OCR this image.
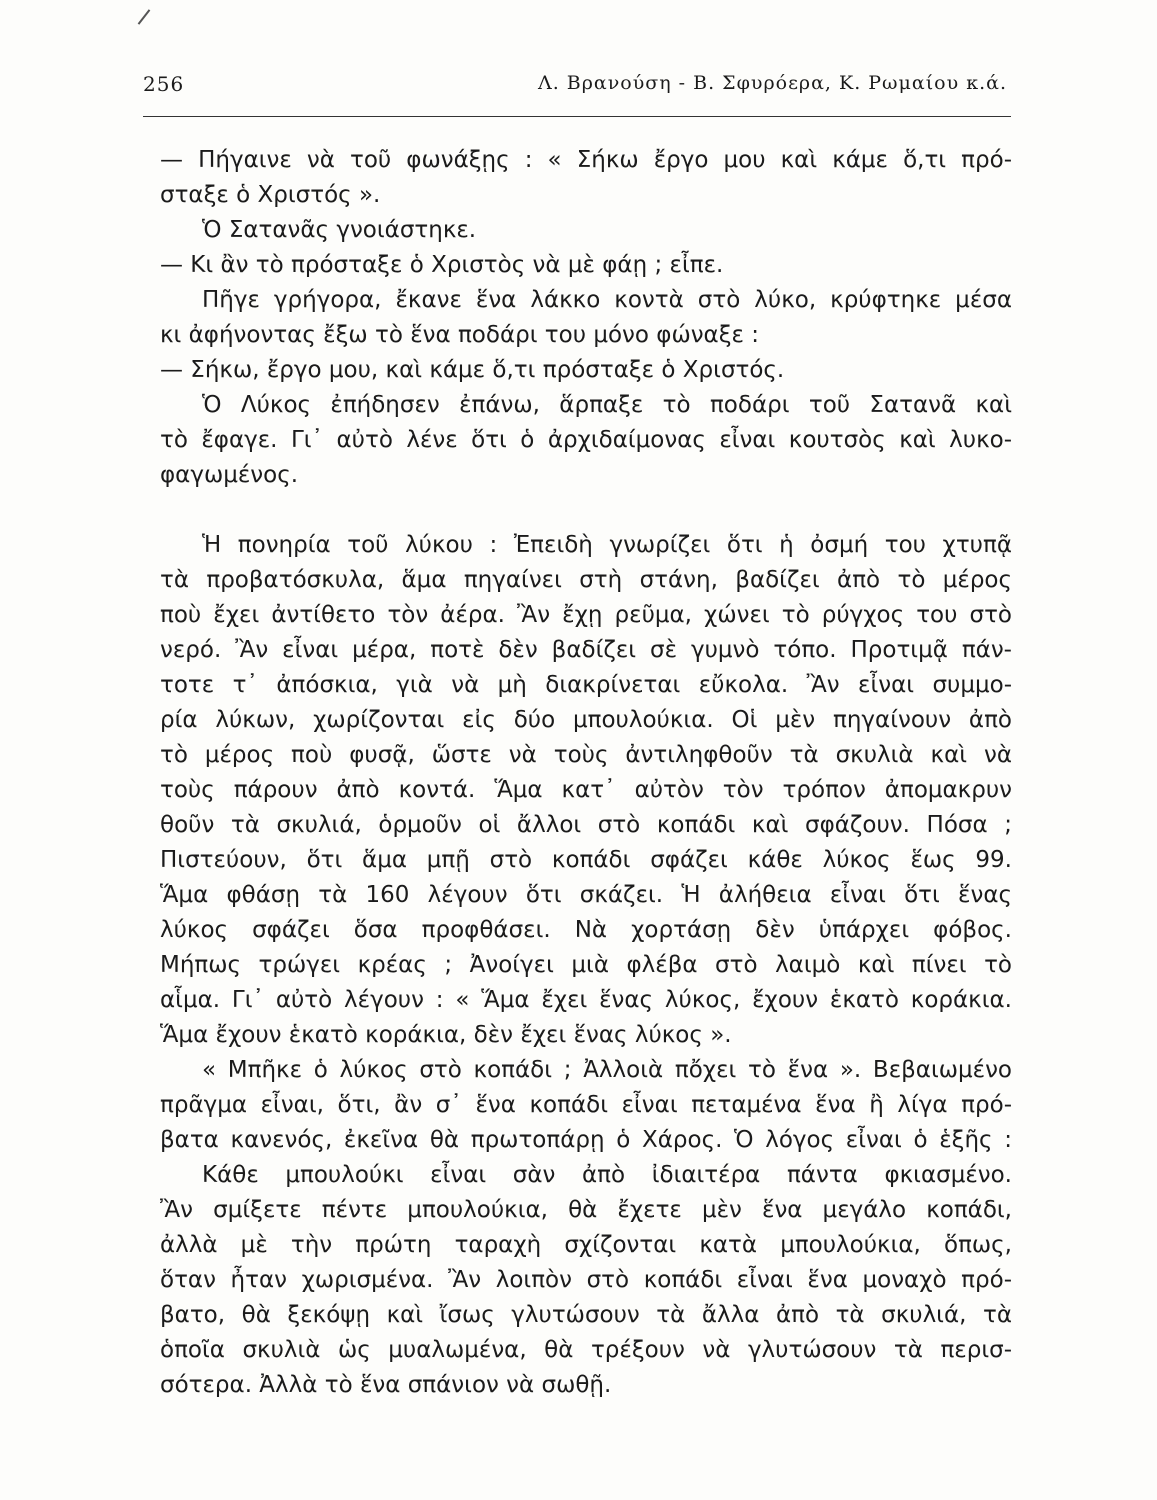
256	Λ. Βρανούση - Β. Σφυρόερα, Κ. Ρωμαίου κ.ά.
— Πήγαινε νὰ τοῦ φωνάξῃς : « Σήκω ἔργο μου καὶ κάμε ὅ,τι πρό-
σταξε ὁ Χριστός ».
Ὁ Σατανᾶς γνοιάστηκε.
— Κι ἂν τὸ πρόσταξε ὁ Χριστὸς νὰ μὲ φάῃ ; εἶπε.
Πῆγε γρήγορα, ἔκανε ἕνα λάκκο κοντὰ στὸ λύκο, κρύφτηκε μέσα
κι ἀφήνοντας ἔξω τὸ ἕνα ποδάρι του μόνο φώναξε :
— Σήκω, ἔργο μου, καὶ κάμε ὅ,τι πρόσταξε ὁ Χριστός.
Ὁ Λύκος ἐπήδησεν ἐπάνω, ἅρπαξε τὸ ποδάρι τοῦ Σατανᾶ καὶ
τὸ ἔφαγε. Γι᾿ αὐτὸ λένε ὅτι ὁ ἀρχιδαίμονας εἶναι κουτσὸς καὶ λυκο-
φαγωμένος.
Ἡ πονηρία τοῦ λύκου : Ἐπειδὴ γνωρίζει ὅτι ἡ ὀσμή του χτυπᾷ
τὰ προβατόσκυλα, ἅμα πηγαίνει στὴ στάνη, βαδίζει ἀπὸ τὸ μέρος
ποὺ ἔχει ἀντίθετο τὸν ἀέρα. Ἂν ἔχῃ ρεῦμα, χώνει τὸ ρύγχος του στὸ
νερό. Ἂν εἶναι μέρα, ποτὲ δὲν βαδίζει σὲ γυμνὸ τόπο. Προτιμᾷ πάν-
τοτε τ᾿ ἀπόσκια, γιὰ νὰ μὴ διακρίνεται εὔκολα. Ἂν εἶναι συμμο-
ρία λύκων, χωρίζονται εἰς δύο μπουλούκια. Οἱ μὲν πηγαίνουν ἀπὸ
τὸ μέρος ποὺ φυσᾷ, ὥστε νὰ τοὺς ἀντιληφθοῦν τὰ σκυλιὰ καὶ νὰ
τοὺς πάρουν ἀπὸ κοντά. Ἅμα κατ᾿ αὐτὸν τὸν τρόπον ἀπομακρυν
θοῦν τὰ σκυλιά, ὁρμοῦν οἱ ἄλλοι στὸ κοπάδι καὶ σφάζουν. Πόσα ;
Πιστεύουν, ὅτι ἅμα μπῇ στὸ κοπάδι σφάζει κάθε λύκος ἕως 99.
Ἅμα φθάσῃ τὰ 160 λέγουν ὅτι σκάζει. Ἡ ἀλήθεια εἶναι ὅτι ἕνας
λύκος σφάζει ὅσα προφθάσει. Νὰ χορτάσῃ δὲν ὑπάρχει φόβος.
Μήπως τρώγει κρέας ; Ἀνοίγει μιὰ φλέβα στὸ λαιμὸ καὶ πίνει τὸ
αἷμα. Γι᾿ αὐτὸ λέγουν : « Ἅμα ἔχει ἕνας λύκος, ἔχουν ἑκατὸ κοράκια.
Ἅμα ἔχουν ἑκατὸ κοράκια, δὲν ἔχει ἕνας λύκος ».
« Μπῆκε ὁ λύκος στὸ κοπάδι ; Ἀλλοιὰ πὄχει τὸ ἕνα ». Βεβαιωμένο
πρᾶγμα εἶναι, ὅτι, ἂν σ᾿ ἕνα κοπάδι εἶναι πεταμένα ἕνα ἢ λίγα πρό-
βατα κανενός, ἐκεῖνα θὰ πρωτοπάρῃ ὁ Χάρος. Ὁ λόγος εἶναι ὁ ἑξῆς :
Κάθε μπουλούκι εἶναι σὰν ἀπὸ ἰδιαιτέρα πάντα φκιασμένο.
Ἂν σμίξετε πέντε μπουλούκια, θὰ ἔχετε μὲν ἕνα μεγάλο κοπάδι,
ἀλλὰ μὲ τὴν πρώτη ταραχὴ σχίζονται κατὰ μπουλούκια, ὅπως,
ὅταν ἦταν χωρισμένα. Ἂν λοιπὸν στὸ κοπάδι εἶναι ἕνα μοναχὸ πρό-
βατο, θὰ ξεκόψῃ καὶ ἴσως γλυτώσουν τὰ ἄλλα ἀπὸ τὰ σκυλιά, τὰ
ὁποῖα σκυλιὰ ὡς μυαλωμένα, θὰ τρέξουν νὰ γλυτώσουν τὰ περισ-
σότερα. Ἀλλὰ τὸ ἕνα σπάνιον νὰ σωθῇ.
